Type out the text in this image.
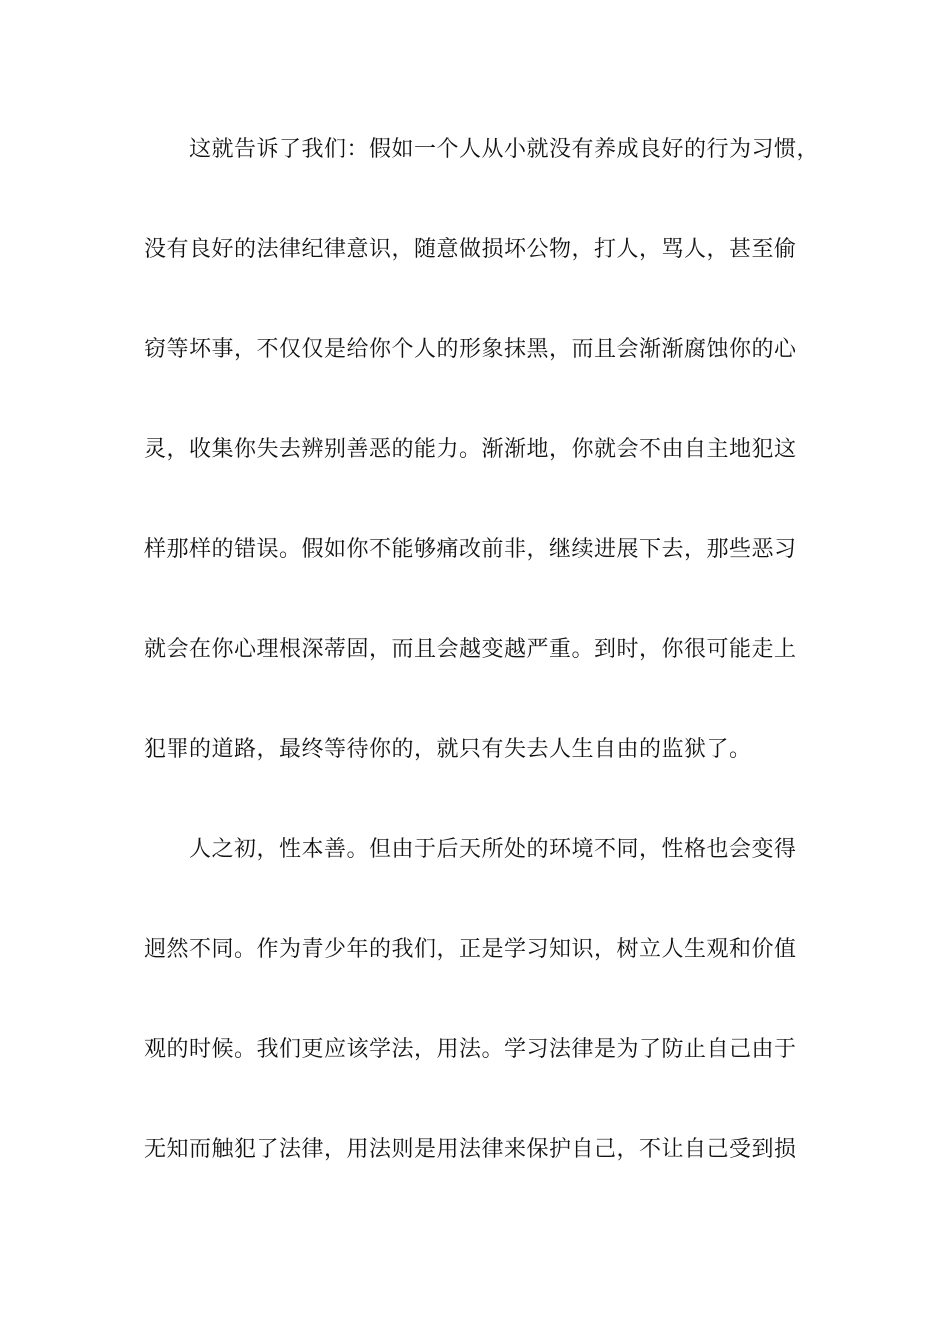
这就告诉了我们：假如一个人从小就没有养成良好的行为习惯，

没有良好的法律纪律意识，随意做损坏公物，打人，骂人，甚至偷

窃等坏事，不仅仅是给你个人的形象抹黑，而且会渐渐腐蚀你的心

灵，收集你失去辨别善恶的能力。渐渐地，你就会不由自主地犯这

样那样的错误。假如你不能够痛改前非，继续进展下去，那些恶习

就会在你心理根深蒂固，而且会越变越严重。到时，你很可能走上

犯罪的道路，最终等待你的，就只有失去人生自由的监狱了。

人之初，性本善。但由于后天所处的环境不同，性格也会变得

迥然不同。作为青少年的我们，正是学习知识，树立人生观和价值

观的时候。我们更应该学法，用法。学习法律是为了防止自己由于

无知而触犯了法律，用法则是用法律来保护自己，不让自己受到损
